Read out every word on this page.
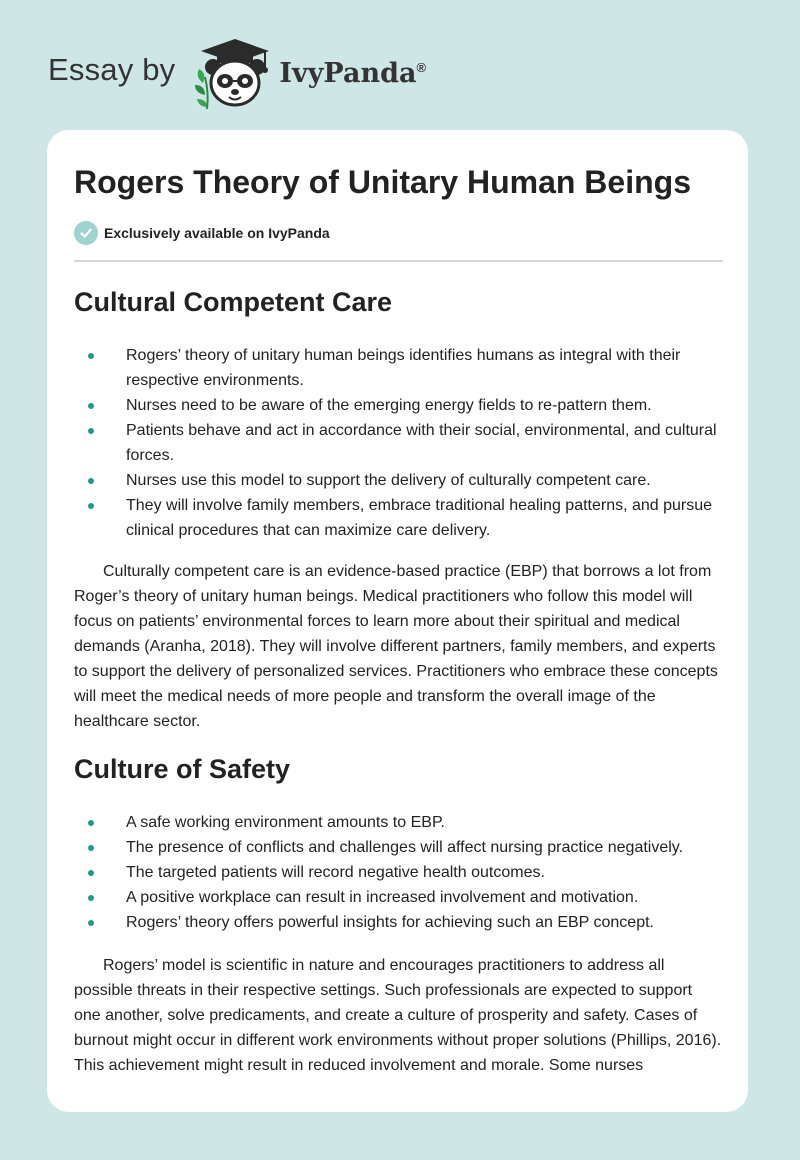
Essay by	IvyPanda®
Rogers Theory of Unitary Human Beings
Exclusively available on IvyPanda
Cultural Competent Care
Rogers’ theory of unitary human beings identifies humans as integral with their respective environments.
Nurses need to be aware of the emerging energy fields to re-pattern them.
Patients behave and act in accordance with their social, environmental, and cultural forces.
Nurses use this model to support the delivery of culturally competent care.
They will involve family members, embrace traditional healing patterns, and pursue clinical procedures that can maximize care delivery.

Culturally competent care is an evidence-based practice (EBP) that borrows a lot from Roger’s theory of unitary human beings. Medical practitioners who follow this model will focus on patients’ environmental forces to learn more about their spiritual and medical demands (Aranha, 2018). They will involve different partners, family members, and experts to support the delivery of personalized services. Practitioners who embrace these concepts will meet the medical needs of more people and transform the overall image of the healthcare sector.

Culture of Safety
A safe working environment amounts to EBP.
The presence of conflicts and challenges will affect nursing practice negatively.
The targeted patients will record negative health outcomes.
A positive workplace can result in increased involvement and motivation.
Rogers’ theory offers powerful insights for achieving such an EBP concept.

Rogers’ model is scientific in nature and encourages practitioners to address all possible threats in their respective settings. Such professionals are expected to support one another, solve predicaments, and create a culture of prosperity and safety. Cases of burnout might occur in different work environments without proper solutions (Phillips, 2016). This achievement might result in reduced involvement and morale. Some nurses
